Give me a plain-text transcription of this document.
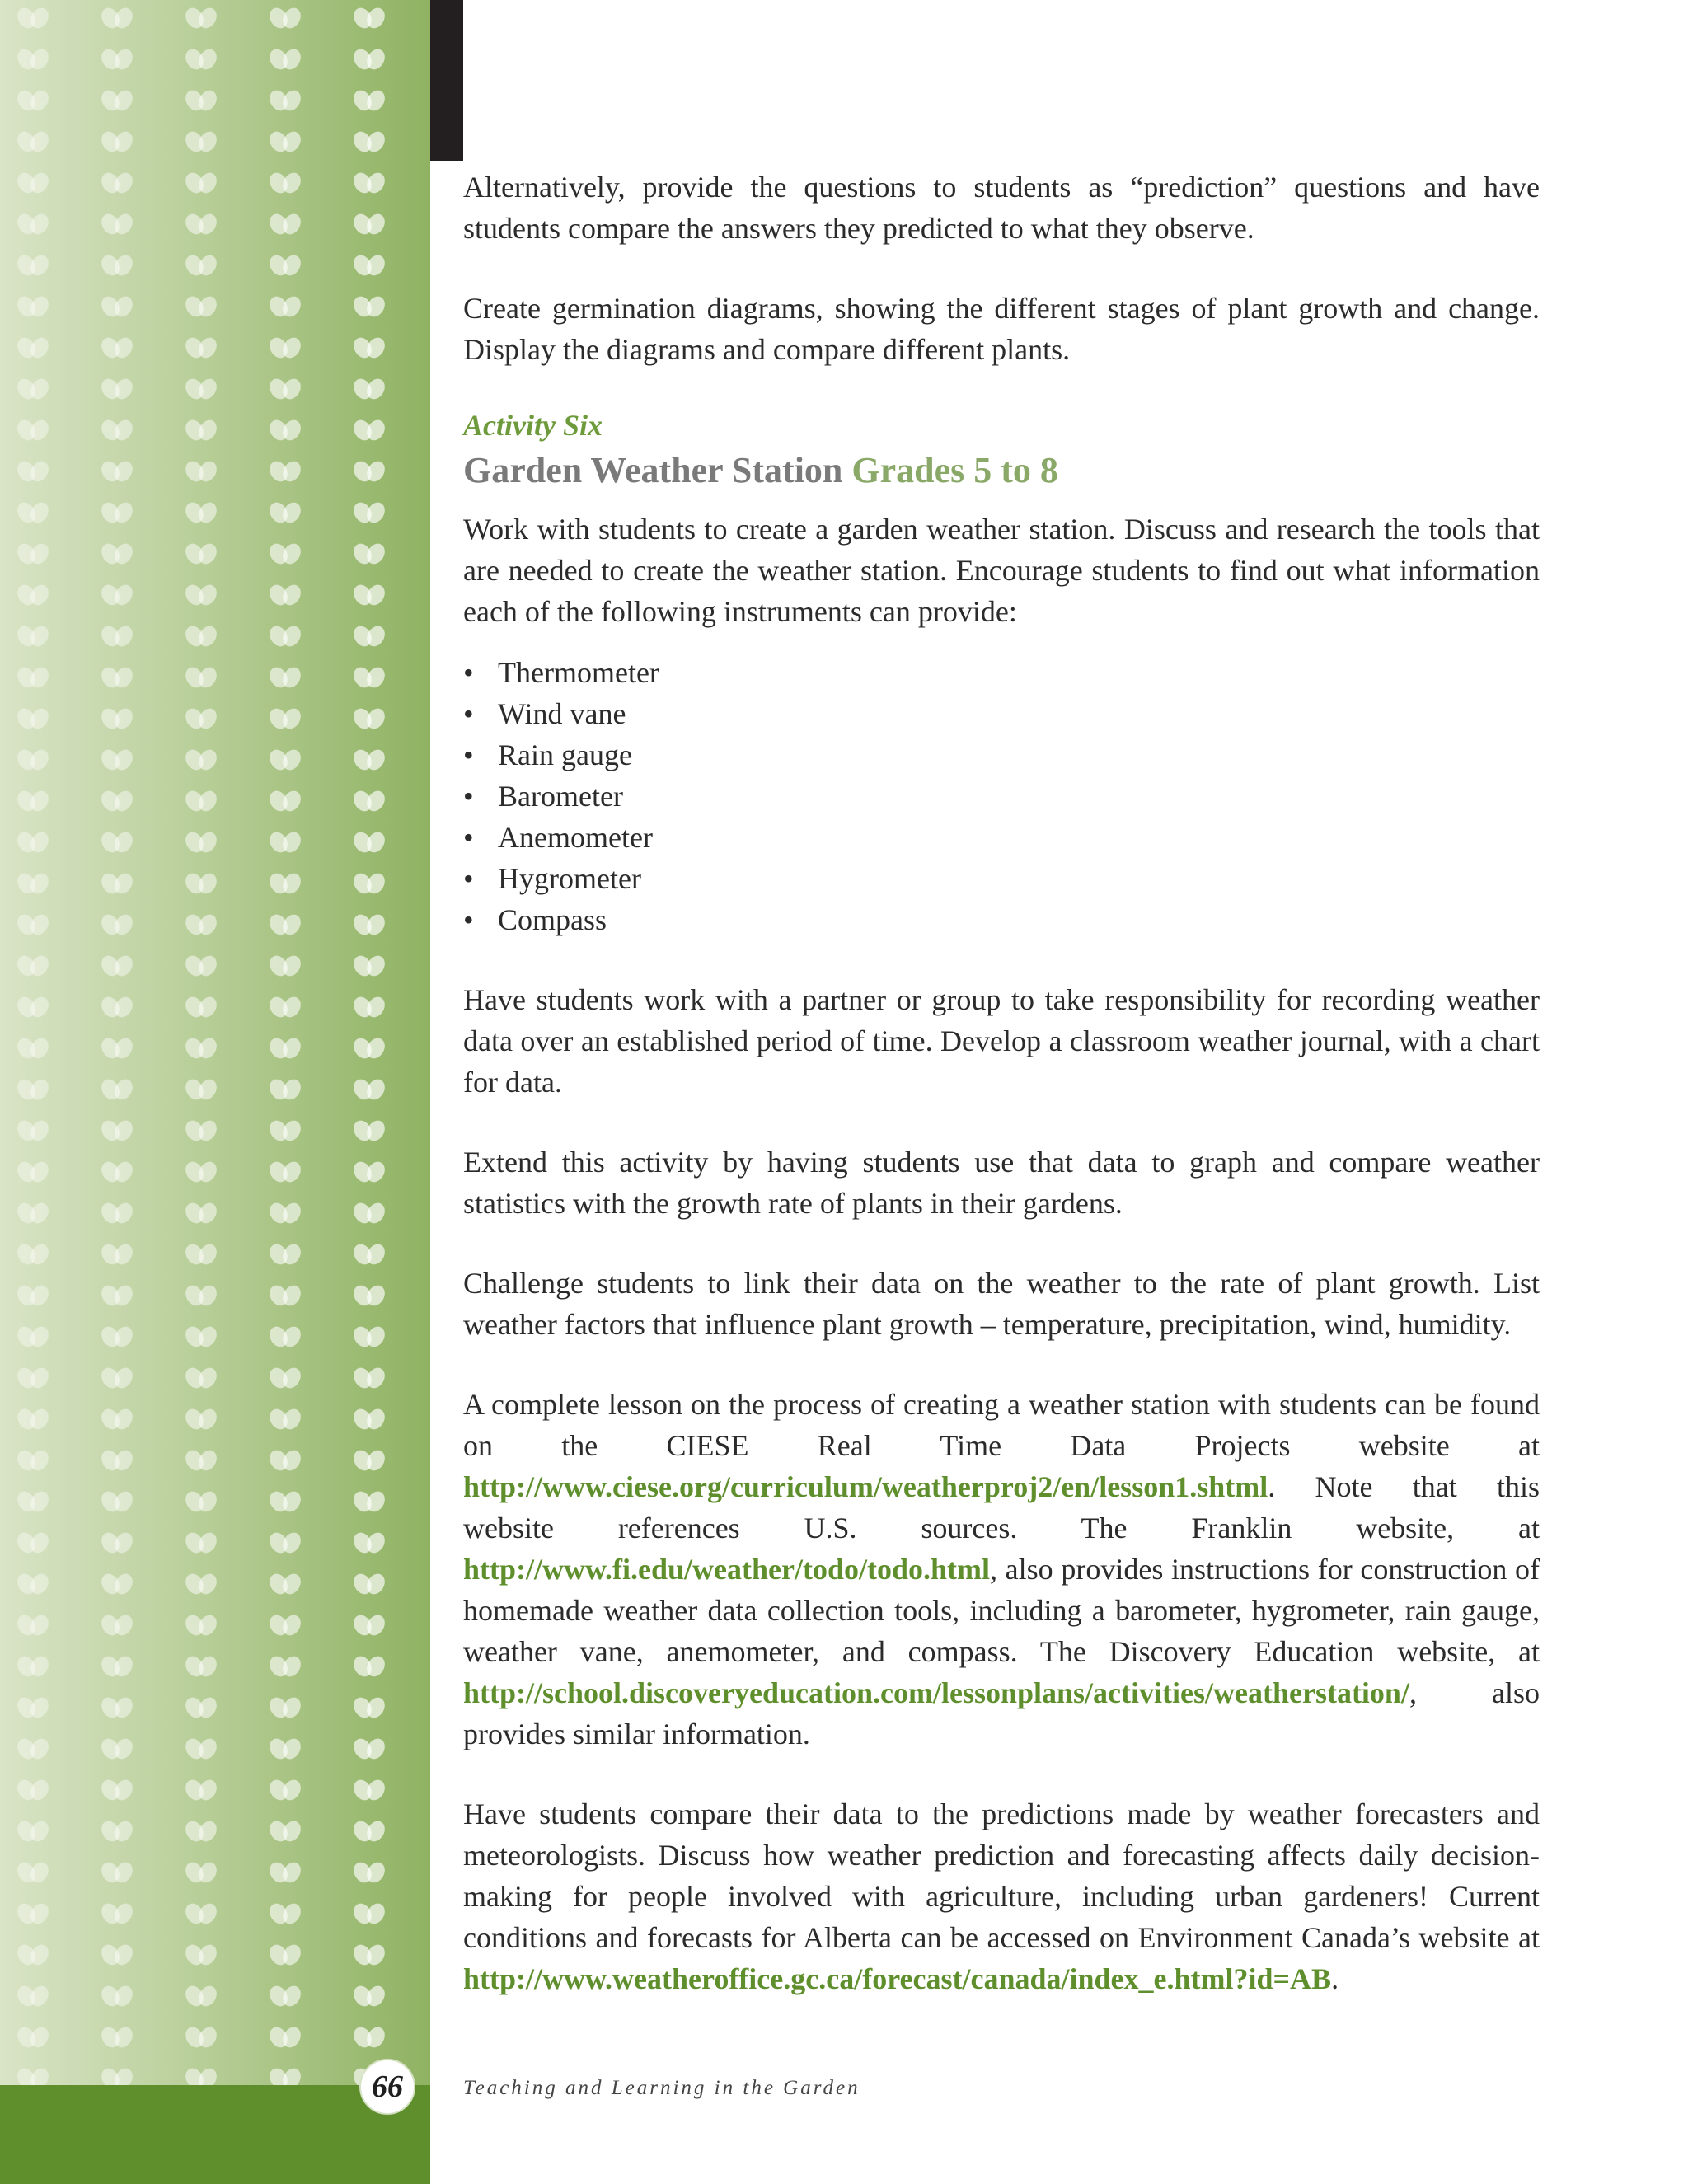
Alternatively, provide the questions to students as “prediction” questions and have students compare the answers they predicted to what they observe.

Create germination diagrams, showing the different stages of plant growth and change. Display the diagrams and compare different plants.

Activity Six
Garden Weather Station Grades 5 to 8

Work with students to create a garden weather station. Discuss and research the tools that are needed to create the weather station. Encourage students to find out what information each of the following instruments can provide:

• Thermometer
• Wind vane
• Rain gauge
• Barometer
• Anemometer
• Hygrometer
• Compass

Have students work with a partner or group to take responsibility for recording weather data over an established period of time. Develop a classroom weather journal, with a chart for data.

Extend this activity by having students use that data to graph and compare weather statistics with the growth rate of plants in their gardens.

Challenge students to link their data on the weather to the rate of plant growth. List weather factors that influence plant growth – temperature, precipitation, wind, humidity.

A complete lesson on the process of creating a weather station with students can be found on the CIESE Real Time Data Projects website at http://www.ciese.org/curriculum/weatherproj2/en/lesson1.shtml. Note that this website references U.S. sources. The Franklin website, at http://www.fi.edu/weather/todo/todo.html, also provides instructions for construction of homemade weather data collection tools, including a barometer, hygrometer, rain gauge, weather vane, anemometer, and compass. The Discovery Education website, at http://school.discoveryeducation.com/lessonplans/activities/weatherstation/, also provides similar information.

Have students compare their data to the predictions made by weather forecasters and meteorologists. Discuss how weather prediction and forecasting affects daily decision-making for people involved with agriculture, including urban gardeners! Current conditions and forecasts for Alberta can be accessed on Environment Canada’s website at http://www.weatheroffice.gc.ca/forecast/canada/index_e.html?id=AB.

66	Teaching and Learning in the Garden
